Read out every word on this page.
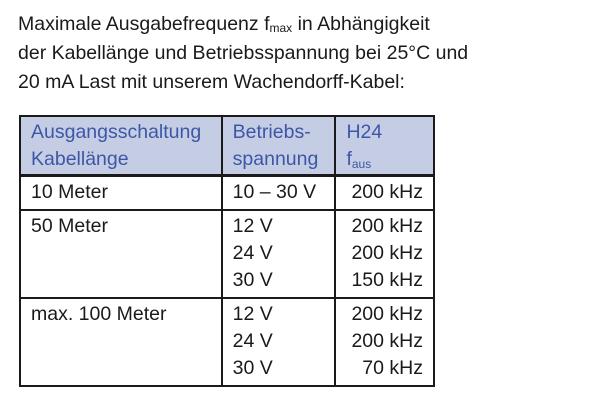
Maximale Ausgabefrequenz $f_{max}$ in Abhängigkeit
der Kabellänge und Betriebsspannung bei 25°C und
20 mA Last mit unserem Wachendorff-Kabel:
Ausgangsschaltung	Betriebs-	H24
Kabellänge	spannung	$f_{aus}$
10 Meter	10 – 30 V	200 kHz
50 Meter	12 V	200 kHz
	24 V	200 kHz
	30 V	150 kHz
max. 100 Meter	12 V	200 kHz
	24 V	200 kHz
	30 V	70 kHz
